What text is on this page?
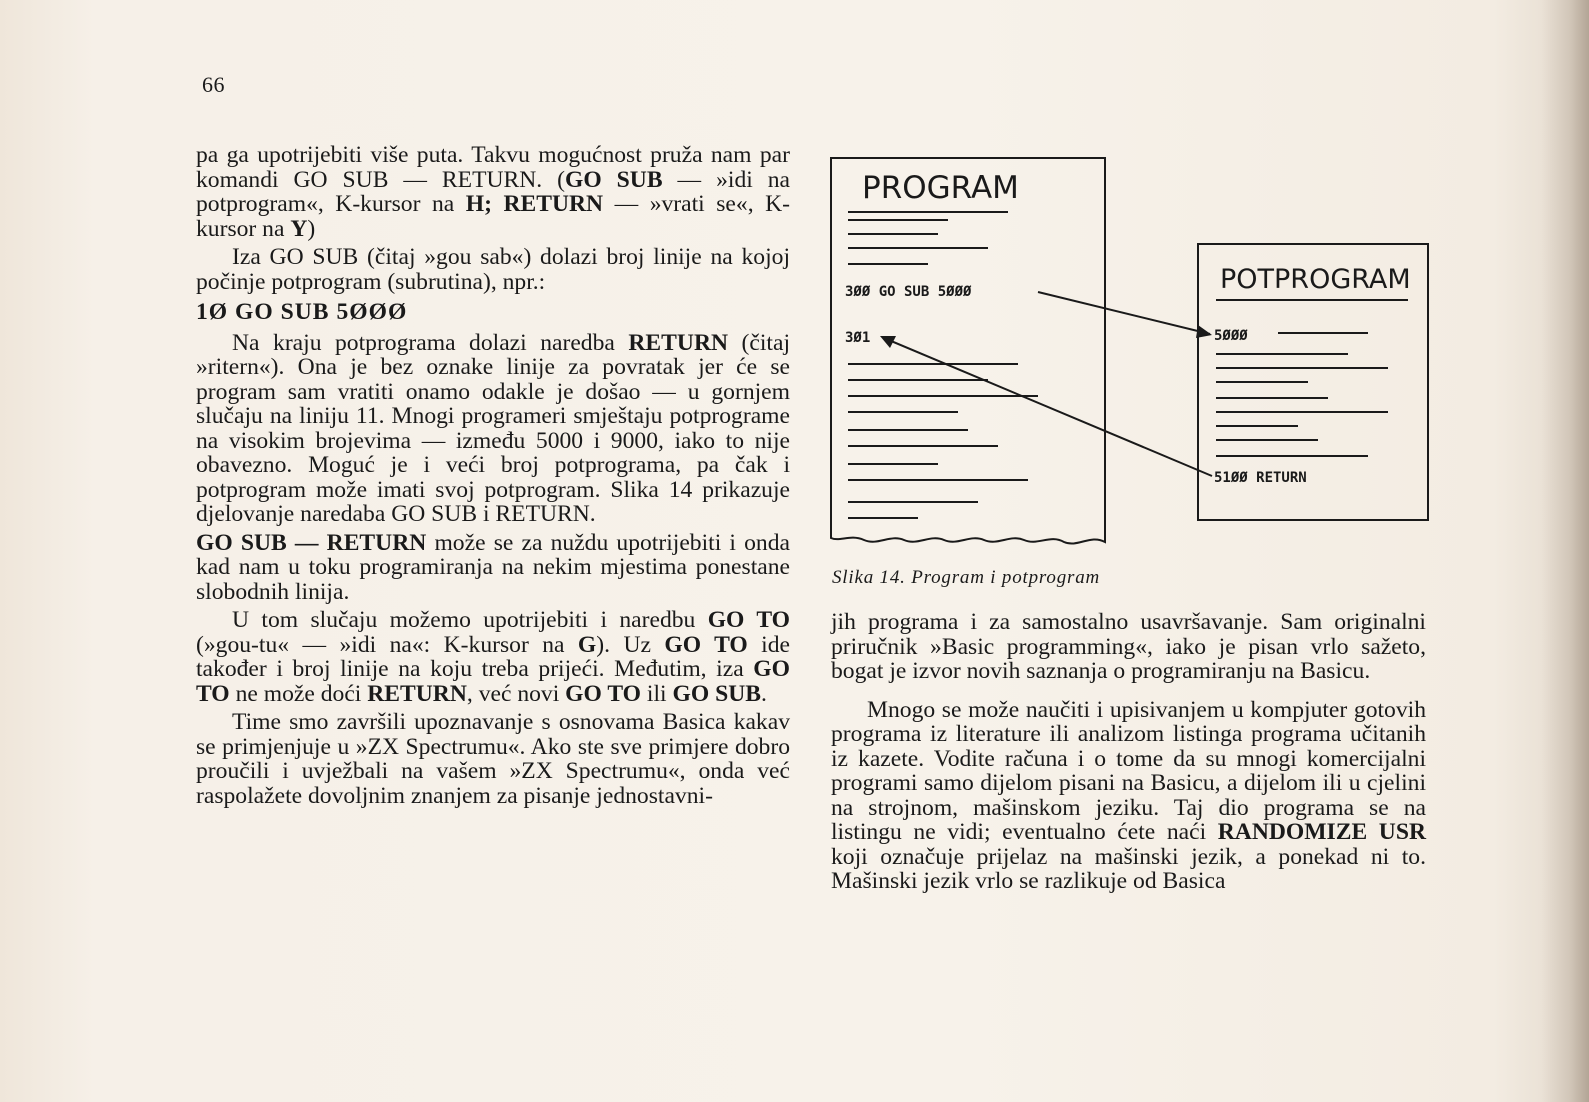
66

pa ga upotrijebiti više puta. Takvu mogućnost pruža nam par komandi GO SUB — RETURN. (GO SUB — »idi na potprogram«, K-kursor na H; RETURN — »vrati se«, K-kursor na Y)

Iza GO SUB (čitaj »gou sab«) dolazi broj linije na kojoj počinje potprogram (subrutina), npr.:

1Ø GO SUB 5ØØØ

Na kraju potprograma dolazi naredba RETURN (čitaj »ritern«). Ona je bez oznake linije za povratak jer će se program sam vratiti onamo odakle je došao — u gornjem slučaju na liniju 11. Mnogi programeri smještaju potprograme na visokim brojevima — između 5000 i 9000, iako to nije obavezno. Moguć je i veći broj potprograma, pa čak i potprogram može imati svoj potprogram. Slika 14 prikazuje djelovanje naredaba GO SUB i RETURN.

GO SUB — RETURN može se za nuždu upotrijebiti i onda kad nam u toku programiranja na nekim mjestima ponestane slobodnih linija.

U tom slučaju možemo upotrijebiti i naredbu GO TO (»gou-tu« — »idi na«: K-kursor na G). Uz GO TO ide također i broj linije na koju treba prijeći. Međutim, iza GO TO ne može doći RETURN, već novi GO TO ili GO SUB.

Time smo završili upoznavanje s osnovama Basica kakav se primjenjuje u »ZX Spectrumu«. Ako ste sve primjere dobro proučili i uvježbali na vašem »ZX Spectrumu«, onda već raspolažete dovoljnim znanjem za pisanje jednostavni-

PROGRAM
3ØØ GO SUB 5ØØØ
3Ø1
POTPROGRAM
5ØØØ
51ØØ RETURN
Slika 14. Program i potprogram

jih programa i za samostalno usavršavanje. Sam originalni priručnik »Basic programming«, iako je pisan vrlo sažeto, bogat je izvor novih saznanja o programiranju na Basicu.

Mnogo se može naučiti i upisivanjem u kompjuter gotovih programa iz literature ili analizom listinga programa učitanih iz kazete. Vodite računa i o tome da su mnogi komercijalni programi samo dijelom pisani na Basicu, a dijelom ili u cjelini na strojnom, mašinskom jeziku. Taj dio programa se na listingu ne vidi; eventualno ćete naći RANDOMIZE USR koji označuje prijelaz na mašinski jezik, a ponekad ni to. Mašinski jezik vrlo se razlikuje od Basica
